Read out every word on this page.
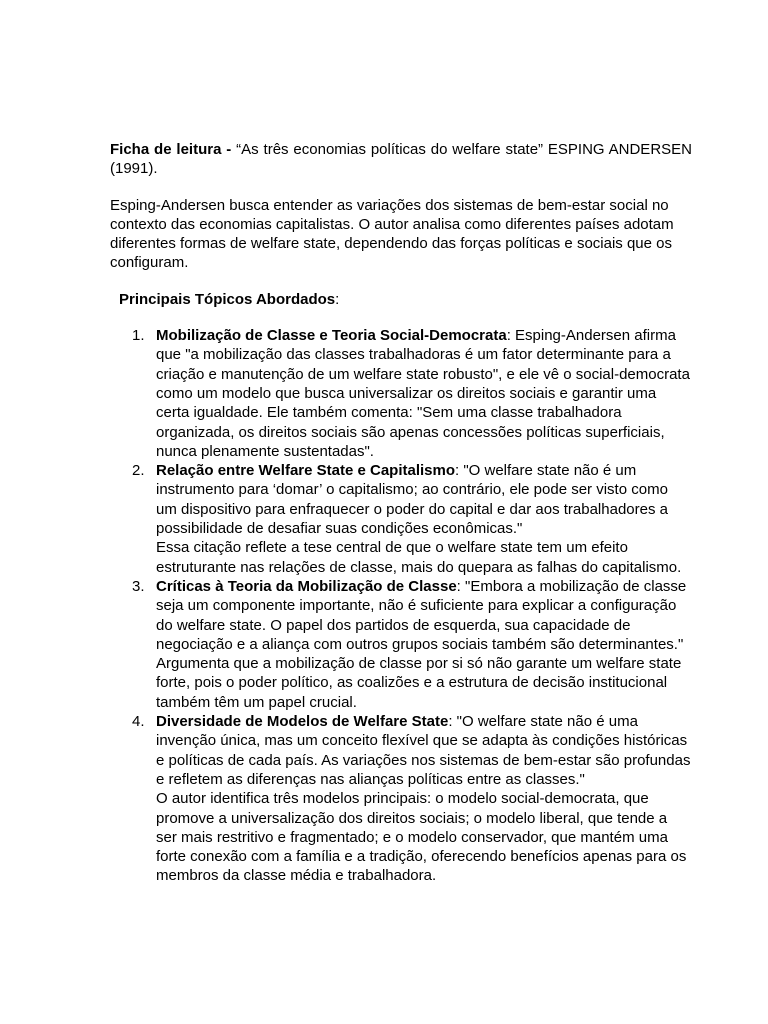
Ficha de leitura - “As três economias políticas do welfare state” ESPING ANDERSEN (1991).

Esping-Andersen busca entender as variações dos sistemas de bem-estar social no contexto das economias capitalistas. O autor analisa como diferentes países adotam diferentes formas de welfare state, dependendo das forças políticas e sociais que os configuram.

Principais Tópicos Abordados:

1. Mobilização de Classe e Teoria Social-Democrata: Esping-Andersen afirma que "a mobilização das classes trabalhadoras é um fator determinante para a criação e manutenção de um welfare state robusto", e ele vê o social-democrata como um modelo que busca universalizar os direitos sociais e garantir uma certa igualdade. Ele também comenta: "Sem uma classe trabalhadora organizada, os direitos sociais são apenas concessões políticas superficiais, nunca plenamente sustentadas".

2. Relação entre Welfare State e Capitalismo: "O welfare state não é um instrumento para ‘domar’ o capitalismo; ao contrário, ele pode ser visto como um dispositivo para enfraquecer o poder do capital e dar aos trabalhadores a possibilidade de desafiar suas condições econômicas."

Essa citação reflete a tese central de que o welfare state tem um efeito estruturante nas relações de classe, mais do quepara as falhas do capitalismo.

3. Críticas à Teoria da Mobilização de Classe: "Embora a mobilização de classe seja um componente importante, não é suficiente para explicar a configuração do welfare state. O papel dos partidos de esquerda, sua capacidade de negociação e a aliança com outros grupos sociais também são determinantes."

Argumenta que a mobilização de classe por si só não garante um welfare state forte, pois o poder político, as coalizões e a estrutura de decisão institucional também têm um papel crucial.

4. Diversidade de Modelos de Welfare State: "O welfare state não é uma invenção única, mas um conceito flexível que se adapta às condições históricas e políticas de cada país. As variações nos sistemas de bem-estar são profundas e refletem as diferenças nas alianças políticas entre as classes."

O autor identifica três modelos principais: o modelo social-democrata, que promove a universalização dos direitos sociais; o modelo liberal, que tende a ser mais restritivo e fragmentado; e o modelo conservador, que mantém uma forte conexão com a família e a tradição, oferecendo benefícios apenas para os membros da classe média e trabalhadora.
